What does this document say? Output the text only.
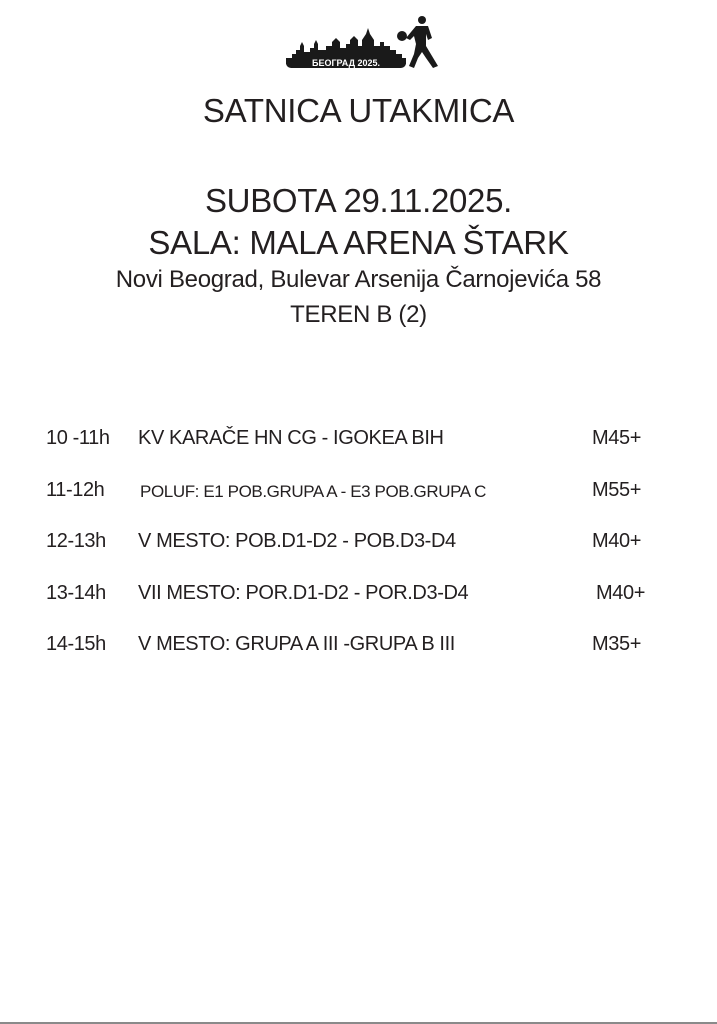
БЕОГРАД 2025.
SATNICA UTAKMICA
SUBOTA 29.11.2025.
SALA: MALA ARENA ŠTARK
Novi Beograd, Bulevar Arsenija Čarnojevića 58
TEREN B (2)
10 -11h KV KARAČE HN CG - IGOKEA BIH	M45+
11-12h POLUF: E1 POB.GRUPA A - E3 POB.GRUPA C	M55+
12-13h V MESTO: POB.D1-D2 - POB.D3-D4	M40+
13-14h VII MESTO: POR.D1-D2 - POR.D3-D4	M40+
14-15h V MESTO: GRUPA A III -GRUPA B III	M35+
